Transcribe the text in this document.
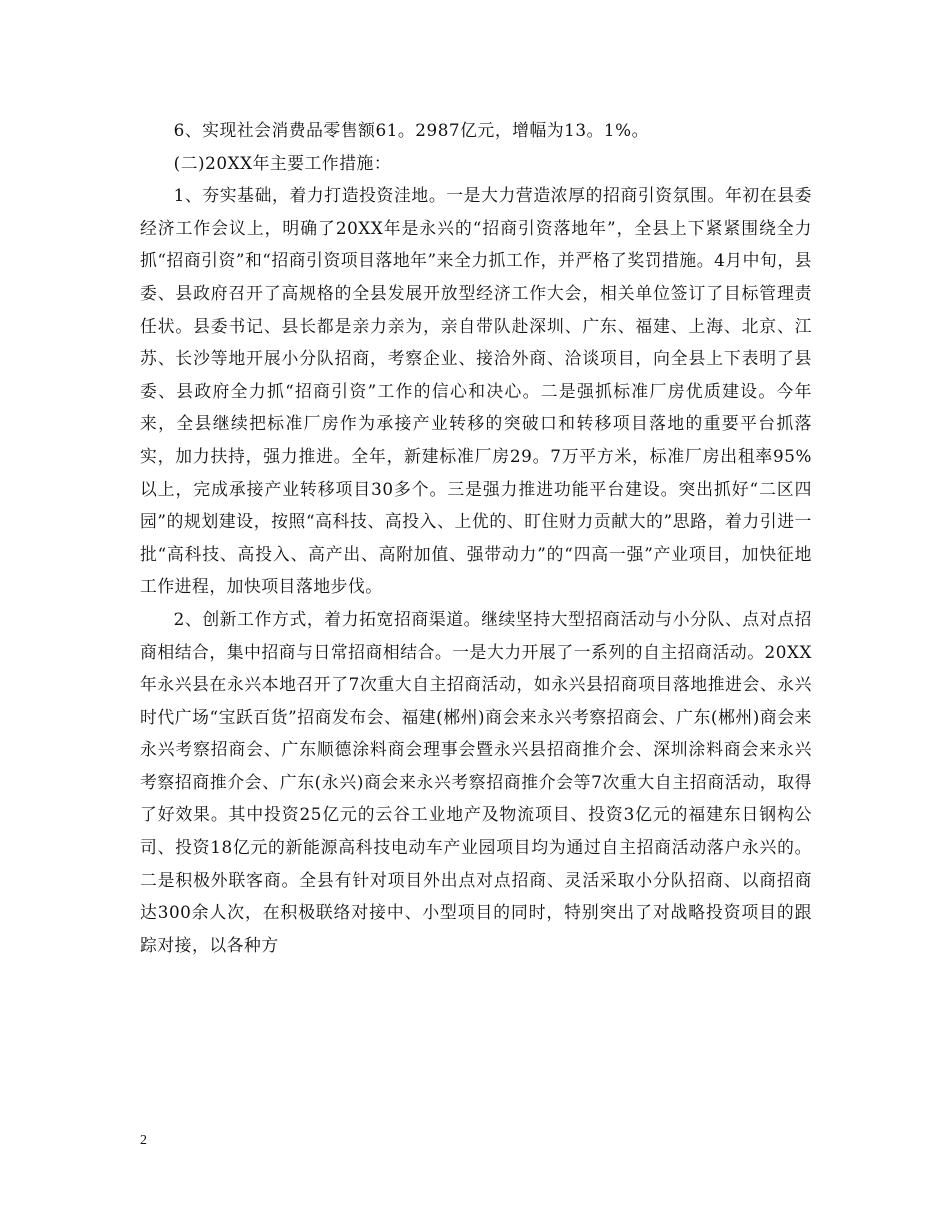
6、实现社会消费品零售额61。2987亿元，增幅为13。1%。

(二)20XX年主要工作措施：

1、夯实基础，着力打造投资洼地。一是大力营造浓厚的招商引资氛围。年初在县委经济工作会议上，明确了20XX年是永兴的“招商引资落地年”，全县上下紧紧围绕全力抓“招商引资”和“招商引资项目落地年”来全力抓工作，并严格了奖罚措施。4月中旬，县委、县政府召开了高规格的全县发展开放型经济工作大会，相关单位签订了目标管理责任状。县委书记、县长都是亲力亲为，亲自带队赴深圳、广东、福建、上海、北京、江苏、长沙等地开展小分队招商，考察企业、接洽外商、洽谈项目，向全县上下表明了县委、县政府全力抓“招商引资”工作的信心和决心。二是强抓标准厂房优质建设。今年来，全县继续把标准厂房作为承接产业转移的突破口和转移项目落地的重要平台抓落实，加力扶持，强力推进。全年，新建标准厂房29。7万平方米，标准厂房出租率95%以上，完成承接产业转移项目30多个。三是强力推进功能平台建设。突出抓好“二区四园”的规划建设，按照“高科技、高投入、上优的、盯住财力贡献大的”思路，着力引进一批“高科技、高投入、高产出、高附加值、强带动力”的“四高一强”产业项目，加快征地工作进程，加快项目落地步伐。

2、创新工作方式，着力拓宽招商渠道。继续坚持大型招商活动与小分队、点对点招商相结合，集中招商与日常招商相结合。一是大力开展了一系列的自主招商活动。20XX年永兴县在永兴本地召开了7次重大自主招商活动，如永兴县招商项目落地推进会、永兴时代广场“宝跃百货”招商发布会、福建(郴州)商会来永兴考察招商会、广东(郴州)商会来永兴考察招商会、广东顺德涂料商会理事会暨永兴县招商推介会、深圳涂料商会来永兴考察招商推介会、广东(永兴)商会来永兴考察招商推介会等7次重大自主招商活动，取得了好效果。其中投资25亿元的云谷工业地产及物流项目、投资3亿元的福建东日钢构公司、投资18亿元的新能源高科技电动车产业园项目均为通过自主招商活动落户永兴的。二是积极外联客商。全县有针对项目外出点对点招商、灵活采取小分队招商、以商招商达300余人次，在积极联络对接中、小型项目的同时，特别突出了对战略投资项目的跟踪对接，以各种方

2
